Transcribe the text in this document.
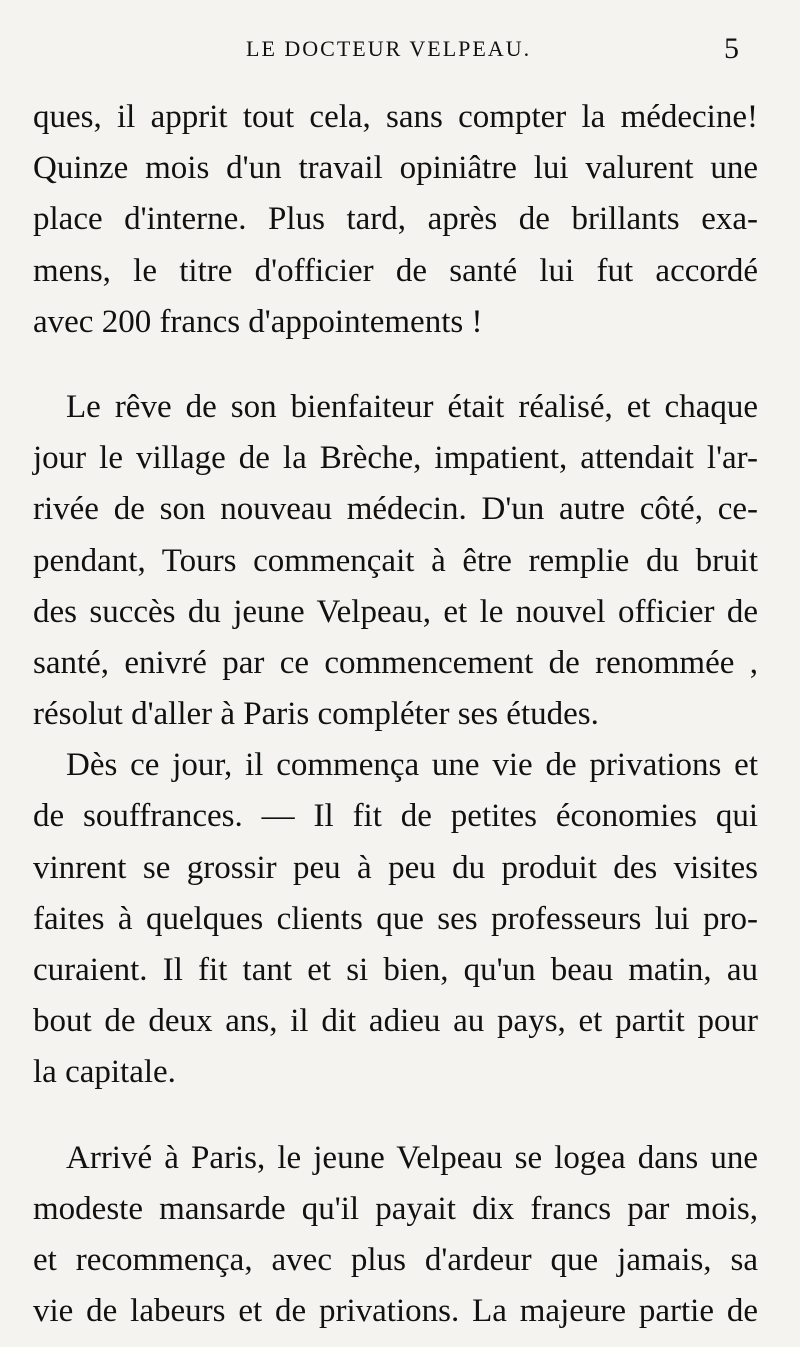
LE DOCTEUR VELPEAU.	5
ques, il apprit tout cela, sans compter la médecine!
Quinze mois d'un travail opiniâtre lui valurent une
place d'interne. Plus tard, après de brillants exa-
mens, le titre d'officier de santé lui fut accordé
avec 200 francs d'appointements !
Le rêve de son bienfaiteur était réalisé, et chaque
jour le village de la Brèche, impatient, attendait l'ar-
rivée de son nouveau médecin. D'un autre côté, ce-
pendant, Tours commençait à être remplie du bruit
des succès du jeune Velpeau, et le nouvel officier de
santé, enivré par ce commencement de renommée ,
résolut d'aller à Paris compléter ses études.
Dès ce jour, il commença une vie de privations et
de souffrances. — Il fit de petites économies qui
vinrent se grossir peu à peu du produit des visites
faites à quelques clients que ses professeurs lui pro-
curaient. Il fit tant et si bien, qu'un beau matin, au
bout de deux ans, il dit adieu au pays, et partit pour
la capitale.
Arrivé à Paris, le jeune Velpeau se logea dans une
modeste mansarde qu'il payait dix francs par mois,
et recommença, avec plus d'ardeur que jamais, sa
vie de labeurs et de privations. La majeure partie de
